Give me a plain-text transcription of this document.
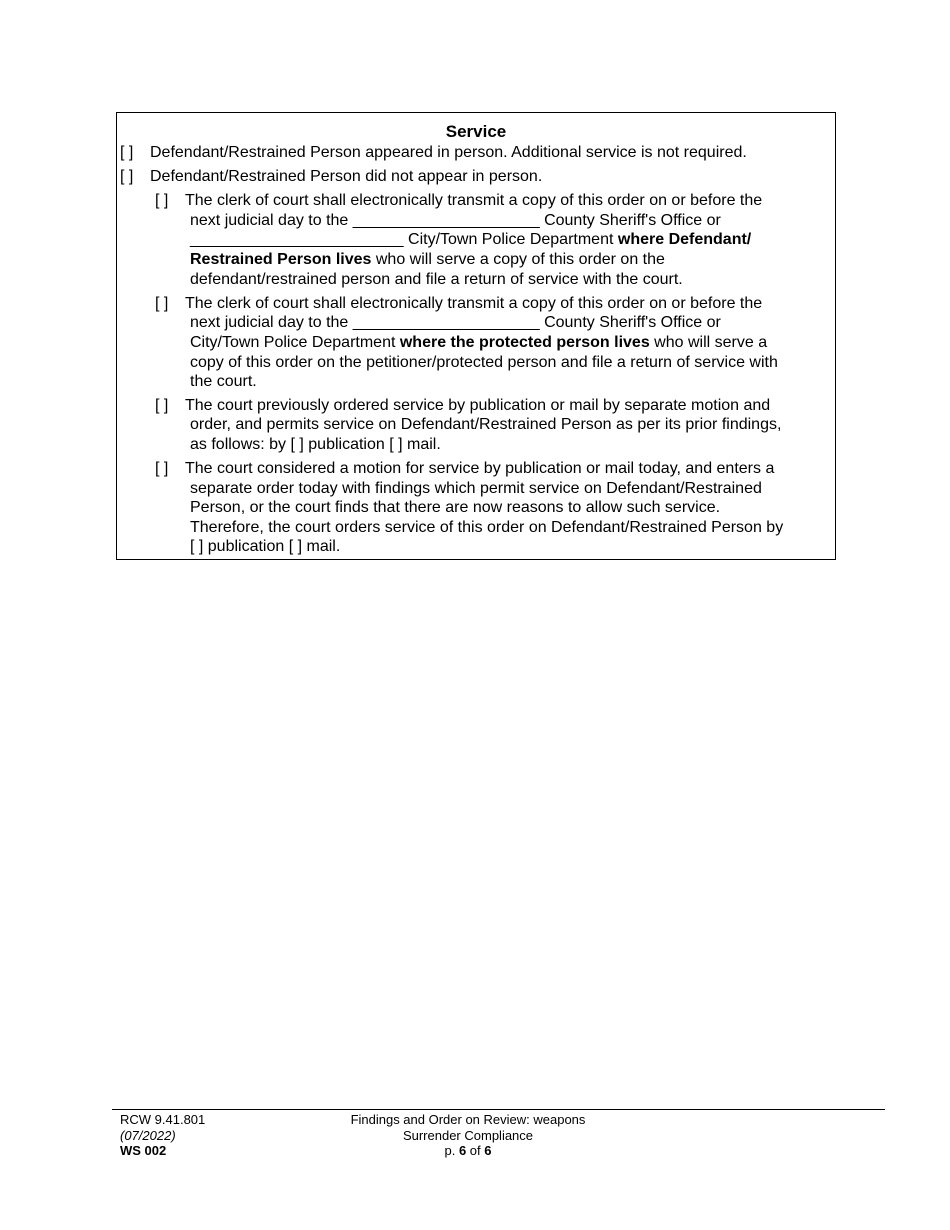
Service
[ ] Defendant/Restrained Person appeared in person. Additional service is not required.
[ ] Defendant/Restrained Person did not appear in person.
[ ] The clerk of court shall electronically transmit a copy of this order on or before the
next judicial day to the _____________________ County Sheriff's Office or
________________________ City/Town Police Department where Defendant/
Restrained Person lives who will serve a copy of this order on the
defendant/restrained person and file a return of service with the court.
[ ] The clerk of court shall electronically transmit a copy of this order on or before the
next judicial day to the _____________________ County Sheriff's Office or
City/Town Police Department where the protected person lives who will serve a
copy of this order on the petitioner/protected person and file a return of service with
the court.
[ ] The court previously ordered service by publication or mail by separate motion and
order, and permits service on Defendant/Restrained Person as per its prior findings,
as follows: by [ ] publication [ ] mail.
[ ] The court considered a motion for service by publication or mail today, and enters a
separate order today with findings which permit service on Defendant/Restrained
Person, or the court finds that there are now reasons to allow such service.
Therefore, the court orders service of this order on Defendant/Restrained Person by
[ ] publication [ ] mail.
RCW 9.41.801
(07/2022)
WS 002
Findings and Order on Review: weapons
Surrender Compliance
p. 6 of 6
